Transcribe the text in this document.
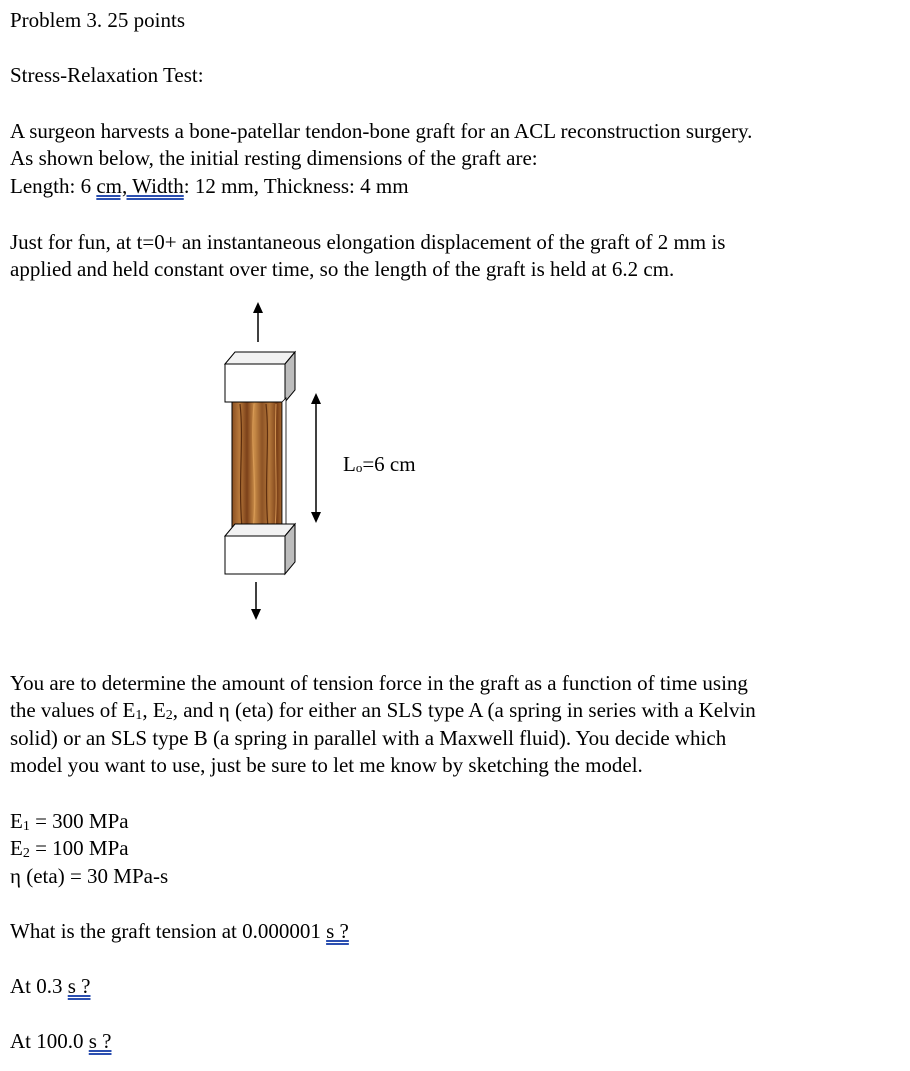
Problem 3. 25 points
Stress-Relaxation Test:
A surgeon harvests a bone-patellar tendon-bone graft for an ACL reconstruction surgery.
As shown below, the initial resting dimensions of the graft are:
Length: 6 cm, Width: 12 mm, Thickness: 4 mm
Just for fun, at t=0+ an instantaneous elongation displacement of the graft of 2 mm is
applied and held constant over time, so the length of the graft is held at 6.2 cm.
Lo=6 cm
You are to determine the amount of tension force in the graft as a function of time using
the values of $E_1$, $E_2$, and η (eta) for either an SLS type A (a spring in series with a Kelvin
solid) or an SLS type B (a spring in parallel with a Maxwell fluid). You decide which
model you want to use, just be sure to let me know by sketching the model.
$E_1 = 300$ MPa
$E_2 = 100$ MPa
η (eta) = 30 MPa-s
What is the graft tension at 0.000001 s ?
At 0.3 s ?
At 100.0 s ?
